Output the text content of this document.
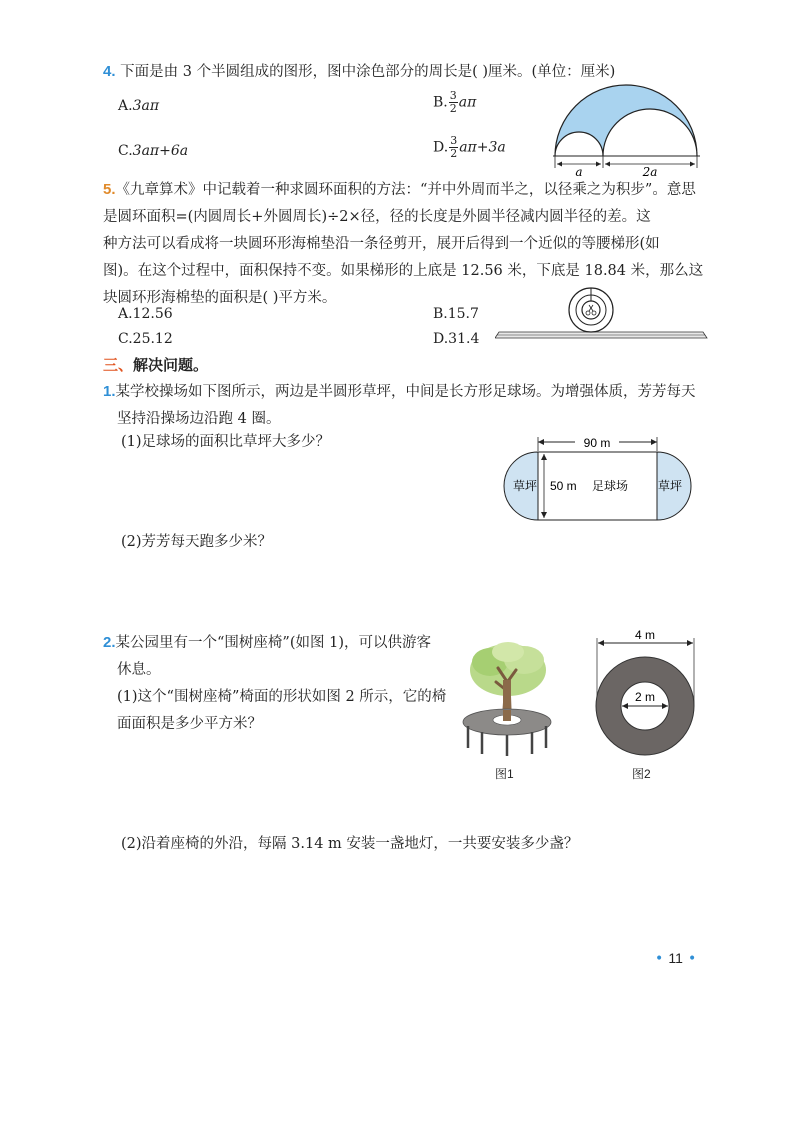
4. 下面是由 3 个半圆组成的图形，图中涂色部分的周长是( )厘米。(单位：厘米)
A.3aπ	B. $\frac{3}{2}$ aπ
C.3aπ+6a	D. $\frac{3}{2} a\pi+3a$
a	2a
5.《九章算术》中记载着一种求圆环面积的方法：“并中外周而半之，以径乘之为积步”。意思
是圆环面积=(内圆周长+外圆周长)÷2×径，径的长度是外圆半径减内圆半径的差。这
种方法可以看成将一块圆环形海棉垫沿一条径剪开，展开后得到一个近似的等腰梯形(如
图)。在这个过程中，面积保持不变。如果梯形的上底是 12.56 米，下底是 18.84 米，那么这
块圆环形海棉垫的面积是( )平方米。
A.12.56	B.15.7
C.25.12	D.31.4
三、解决问题。
1.某学校操场如下图所示，两边是半圆形草坪，中间是长方形足球场。为增强体质，芳芳每天
坚持沿操场边沿跑 4 圈。
(1)足球场的面积比草坪大多少？	90 m
草坪	草坪
50 m 足球场
(2)芳芳每天跑多少米？
2.某公园里有一个“围树座椅”(如图 1)，可以供游客
休息。
(1)这个“围树座椅”椅面的形状如图 2 所示，它的椅
面面积是多少平方米？
4 m
2 m
图1	图2
(2)沿着座椅的外沿，每隔 3.14 m 安装一盏地灯，一共要安装多少盏？
• 11 •
